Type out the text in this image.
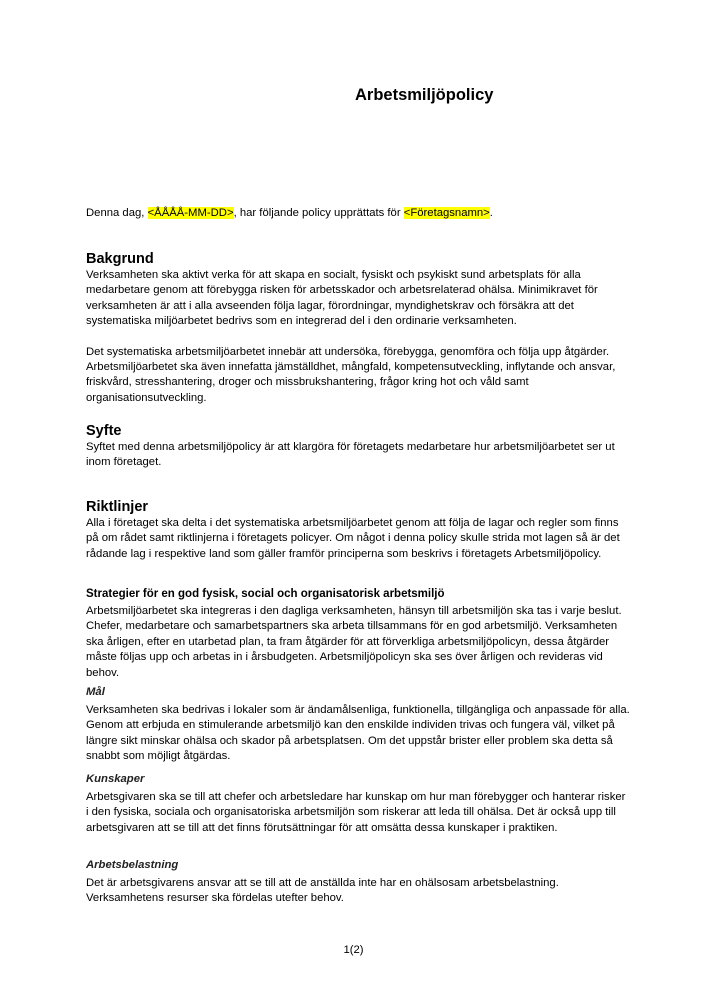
Arbetsmiljöpolicy
Denna dag, <ÅÅÅÅ-MM-DD>, har följande policy upprättats för <Företagsnamn>.
Bakgrund

Verksamheten ska aktivt verka för att skapa en socialt, fysiskt och psykiskt sund arbetsplats för alla medarbetare genom att förebygga risken för arbetsskador och arbetsrelaterad ohälsa. Minimikravet för verksamheten är att i alla avseenden följa lagar, förordningar, myndighetskrav och försäkra att det systematiska miljöarbetet bedrivs som en integrerad del i den ordinarie verksamheten.

Det systematiska arbetsmiljöarbetet innebär att undersöka, förebygga, genomföra och följa upp åtgärder. Arbetsmiljöarbetet ska även innefatta jämställdhet, mångfald, kompetensutveckling, inflytande och ansvar, friskvård, stresshantering, droger och missbrukshantering, frågor kring hot och våld samt organisationsutveckling.

Syfte

Syftet med denna arbetsmiljöpolicy är att klargöra för företagets medarbetare hur arbetsmiljöarbetet ser ut inom företaget.

Riktlinjer

Alla i företaget ska delta i det systematiska arbetsmiljöarbetet genom att följa de lagar och regler som finns på om rådet samt riktlinjerna i företagets policyer. Om något i denna policy skulle strida mot lagen så är det rådande lag i respektive land som gäller framför principerna som beskrivs i företagets Arbetsmiljöpolicy.

Strategier för en god fysisk, social och organisatorisk arbetsmiljö

Arbetsmiljöarbetet ska integreras i den dagliga verksamheten, hänsyn till arbetsmiljön ska tas i varje beslut. Chefer, medarbetare och samarbetspartners ska arbeta tillsammans för en god arbetsmiljö. Verksamheten ska årligen, efter en utarbetad plan, ta fram åtgärder för att förverkliga arbetsmiljöpolicyn, dessa åtgärder måste följas upp och arbetas in i årsbudgeten. Arbetsmiljöpolicyn ska ses över årligen och revideras vid behov.

Mål

Verksamheten ska bedrivas i lokaler som är ändamålsenliga, funktionella, tillgängliga och anpassade för alla. Genom att erbjuda en stimulerande arbetsmiljö kan den enskilde individen trivas och fungera väl, vilket på längre sikt minskar ohälsa och skador på arbetsplatsen. Om det uppstår brister eller problem ska detta så snabbt som möjligt åtgärdas.

Kunskaper

Arbetsgivaren ska se till att chefer och arbetsledare har kunskap om hur man förebygger och hanterar risker i den fysiska, sociala och organisatoriska arbetsmiljön som riskerar att leda till ohälsa. Det är också upp till arbetsgivaren att se till att det finns förutsättningar för att omsätta dessa kunskaper i praktiken.

Arbetsbelastning

Det är arbetsgivarens ansvar att se till att de anställda inte har en ohälsosam arbetsbelastning. Verksamhetens resurser ska fördelas utefter behov.

1(2)
